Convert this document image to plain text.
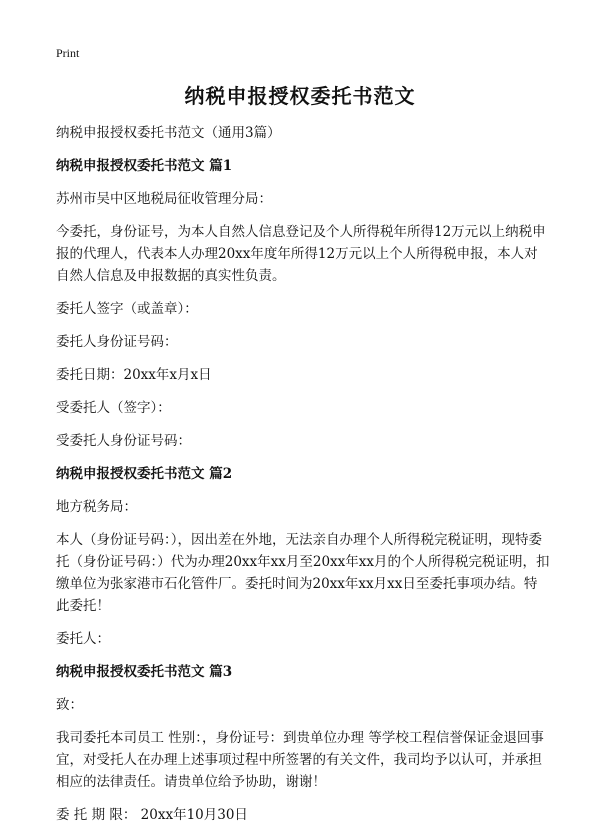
Print
纳税申报授权委托书范文

纳税申报授权委托书范文（通用3篇）

纳税申报授权委托书范文 篇1

苏州市吴中区地税局征收管理分局：

今委托，身份证号，为本人自然人信息登记及个人所得税年所得12万元以上纳税申报的代理人，代表本人办理20xx年度年所得12万元以上个人所得税申报，本人对自然人信息及申报数据的真实性负责。

委托人签字（或盖章）：

委托人身份证号码：

委托日期：20xx年x月x日

受委托人（签字）：

受委托人身份证号码：

纳税申报授权委托书范文 篇2

地方税务局：

本人（身份证号码：），因出差在外地，无法亲自办理个人所得税完税证明，现特委托（身份证号码：）代为办理20xx年xx月至20xx年xx月的个人所得税完税证明，扣缴单位为张家港市石化管件厂。委托时间为20xx年xx月xx日至委托事项办结。特此委托！

委托人：

纳税申报授权委托书范文 篇3

致：

我司委托本司员工 性别：，身份证号：到贵单位办理 等学校工程信誉保证金退回事宜，对受托人在办理上述事项过程中所签署的有关文件，我司均予以认可，并承担相应的法律责任。请贵单位给予协助，谢谢！

委 托 期 限： 20xx年10月30日
